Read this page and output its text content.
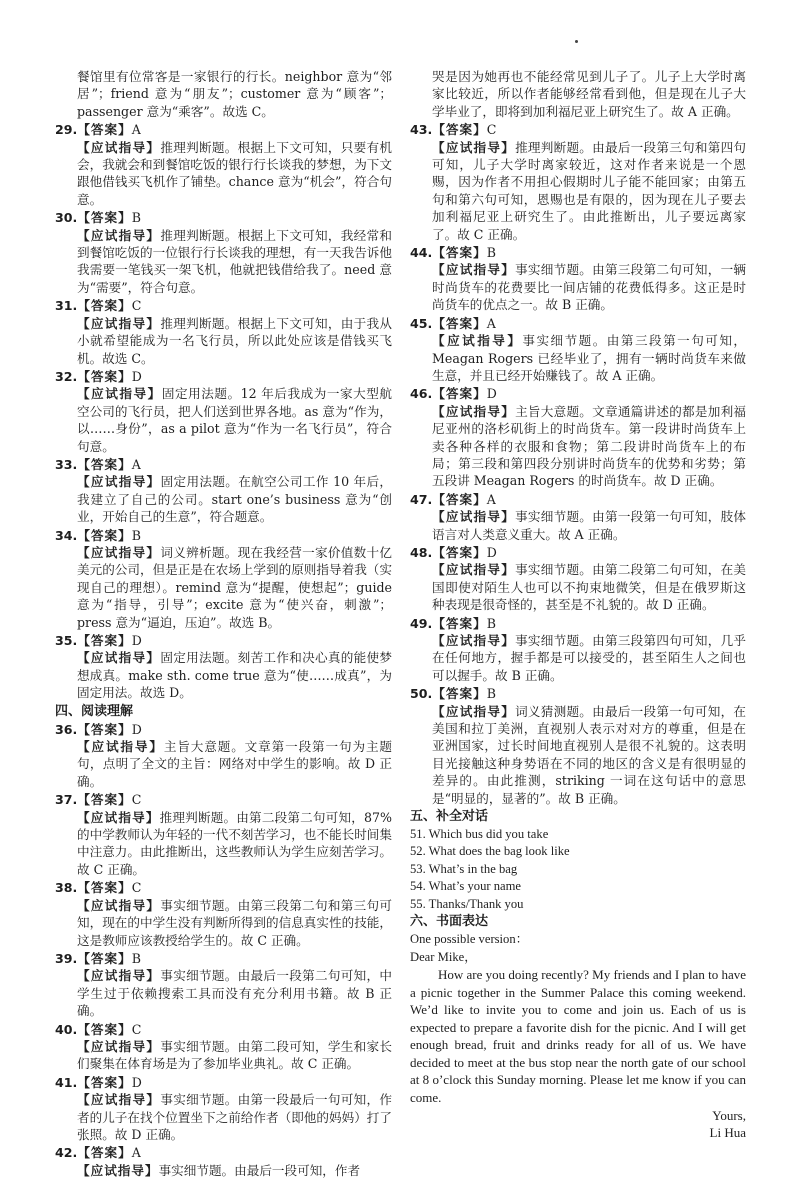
餐馆里有位常客是一家银行的行长。neighbor 意为“邻居”；friend 意为“朋友”；customer 意为“顾客”；passenger 意为“乘客”。故选 C。

29.【答案】A

【应试指导】推理判断题。根据上下文可知，只要有机会，我就会和到餐馆吃饭的银行行长谈我的梦想，为下文跟他借钱买飞机作了铺垫。chance 意为“机会”，符合句意。

30.【答案】B

【应试指导】推理判断题。根据上下文可知，我经常和到餐馆吃饭的一位银行行长谈我的理想，有一天我告诉他我需要一笔钱买一架飞机，他就把钱借给我了。need 意为“需要”，符合句意。

31.【答案】C

【应试指导】推理判断题。根据上下文可知，由于我从小就希望能成为一名飞行员，所以此处应该是借钱买飞机。故选 C。

32.【答案】D

【应试指导】固定用法题。12 年后我成为一家大型航空公司的飞行员，把人们送到世界各地。as 意为“作为，以……身份”，as a pilot 意为“作为一名飞行员”，符合句意。

33.【答案】A

【应试指导】固定用法题。在航空公司工作 10 年后，我建立了自己的公司。start one’s business 意为“创业，开始自己的生意”，符合题意。

34.【答案】B

【应试指导】词义辨析题。现在我经营一家价值数十亿美元的公司，但是正是在农场上学到的原则指导着我（实现自己的理想）。remind 意为“提醒，使想起”；guide 意为“指导，引导”；excite 意为“使兴奋，刺激”；press 意为“逼迫，压迫”。故选 B。

35.【答案】D

【应试指导】固定用法题。刻苦工作和决心真的能使梦想成真。make sth. come true 意为“使……成真”，为固定用法。故选 D。

四、阅读理解

36.【答案】D

【应试指导】主旨大意题。文章第一段第一句为主题句，点明了全文的主旨：网络对中学生的影响。故 D 正确。

37.【答案】C

【应试指导】推理判断题。由第二段第二句可知，87% 的中学教师认为年轻的一代不刻苦学习，也不能长时间集中注意力。由此推断出，这些教师认为学生应刻苦学习。故 C 正确。

38.【答案】C

【应试指导】事实细节题。由第三段第二句和第三句可知，现在的中学生没有判断所得到的信息真实性的技能，这是教师应该教授给学生的。故 C 正确。

39.【答案】B

【应试指导】事实细节题。由最后一段第二句可知，中学生过于依赖搜索工具而没有充分利用书籍。故 B 正确。

40.【答案】C

【应试指导】事实细节题。由第二段可知，学生和家长们聚集在体育场是为了参加毕业典礼。故 C 正确。

41.【答案】D

【应试指导】事实细节题。由第一段最后一句可知，作者的儿子在找个位置坐下之前给作者（即他的妈妈）打了张照。故 D 正确。

42.【答案】A

【应试指导】事实细节题。由最后一段可知，作者

哭是因为她再也不能经常见到儿子了。儿子上大学时离家比较近，所以作者能够经常看到他，但是现在儿子大学毕业了，即将到加利福尼亚上研究生了。故 A 正确。

43.【答案】C

【应试指导】推理判断题。由最后一段第三句和第四句可知，儿子大学时离家较近，这对作者来说是一个恩赐，因为作者不用担心假期时儿子能不能回家；由第五句和第六句可知，恩赐也是有限的，因为现在儿子要去加利福尼亚上研究生了。由此推断出，儿子要远离家了。故 C 正确。

44.【答案】B

【应试指导】事实细节题。由第三段第二句可知，一辆时尚货车的花费要比一间店铺的花费低得多。这正是时尚货车的优点之一。故 B 正确。

45.【答案】A

【应试指导】事实细节题。由第三段第一句可知，Meagan Rogers 已经毕业了，拥有一辆时尚货车来做生意，并且已经开始赚钱了。故 A 正确。

46.【答案】D

【应试指导】主旨大意题。文章通篇讲述的都是加利福尼亚州的洛杉矶街上的时尚货车。第一段讲时尚货车上卖各种各样的衣服和食物；第二段讲时尚货车上的布局；第三段和第四段分别讲时尚货车的优势和劣势；第五段讲 Meagan Rogers 的时尚货车。故 D 正确。

47.【答案】A

【应试指导】事实细节题。由第一段第一句可知，肢体语言对人类意义重大。故 A 正确。

48.【答案】D

【应试指导】事实细节题。由第二段第二句可知，在美国即使对陌生人也可以不拘束地微笑，但是在俄罗斯这种表现是很奇怪的，甚至是不礼貌的。故 D 正确。

49.【答案】B

【应试指导】事实细节题。由第三段第四句可知，几乎在任何地方，握手都是可以接受的，甚至陌生人之间也可以握手。故 B 正确。

50.【答案】B

【应试指导】词义猜测题。由最后一段第一句可知，在美国和拉丁美洲，直视别人表示对对方的尊重，但是在亚洲国家，过长时间地直视别人是很不礼貌的。这表明目光接触这种身势语在不同的地区的含义是有很明显的差异的。由此推测，striking 一词在这句话中的意思是“明显的，显著的”。故 B 正确。

五、补全对话

51. Which bus did you take

52. What does the bag look like

53. What’s in the bag

54. What’s your name

55. Thanks/Thank you

六、书面表达

One possible version：

Dear Mike，

How are you doing recently? My friends and I plan to have a picnic together in the Summer Palace this coming weekend. We’d like to invite you to come and join us. Each of us is expected to prepare a favorite dish for the picnic. And I will get enough bread, fruit and drinks ready for all of us. We have decided to meet at the bus stop near the north gate of our school at 8 o’clock this Sunday morning. Please let me know if you can come.

Yours,

Li Hua
